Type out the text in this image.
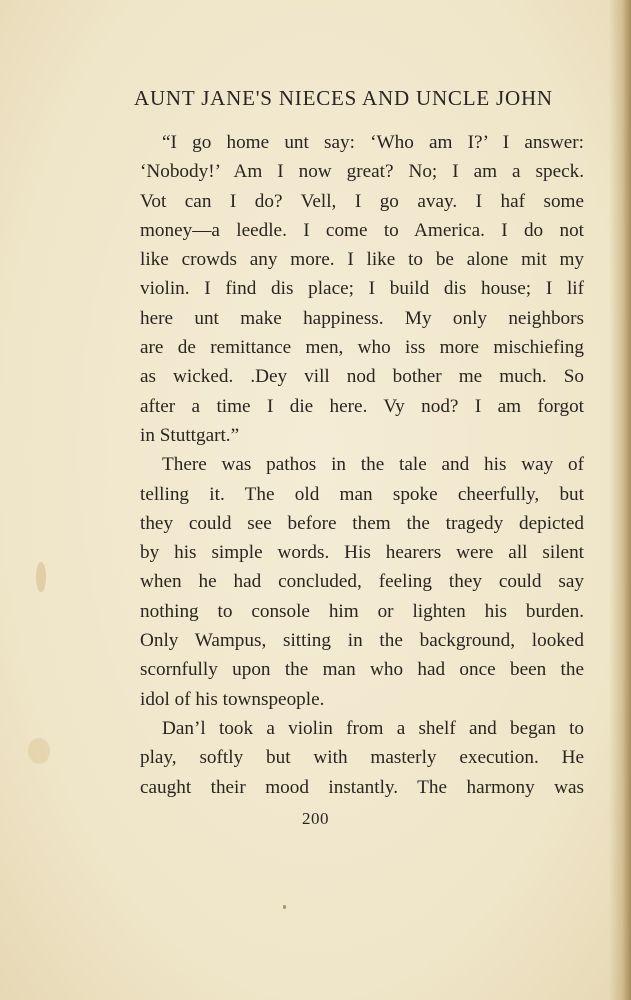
AUNT JANE'S NIECES AND UNCLE JOHN
“I go home unt say: ‘Who am I?’ I answer:
‘Nobody!’ Am I now great? No; I am a speck.
Vot can I do? Vell, I go avay. I haf some
money—a leedle. I come to America. I do not
like crowds any more. I like to be alone mit my
violin. I find dis place; I build dis house; I lif
here unt make happiness. My only neighbors
are de remittance men, who iss more mischiefing
as wicked. .Dey vill nod bother me much. So
after a time I die here. Vy nod? I am forgot
in Stuttgart.”
There was pathos in the tale and his way of
telling it. The old man spoke cheerfully, but
they could see before them the tragedy depicted
by his simple words. His hearers were all silent
when he had concluded, feeling they could say
nothing to console him or lighten his burden.
Only Wampus, sitting in the background, looked
scornfully upon the man who had once been the
idol of his townspeople.
Dan’l took a violin from a shelf and began to
play, softly but with masterly execution. He
caught their mood instantly. The harmony was
200
